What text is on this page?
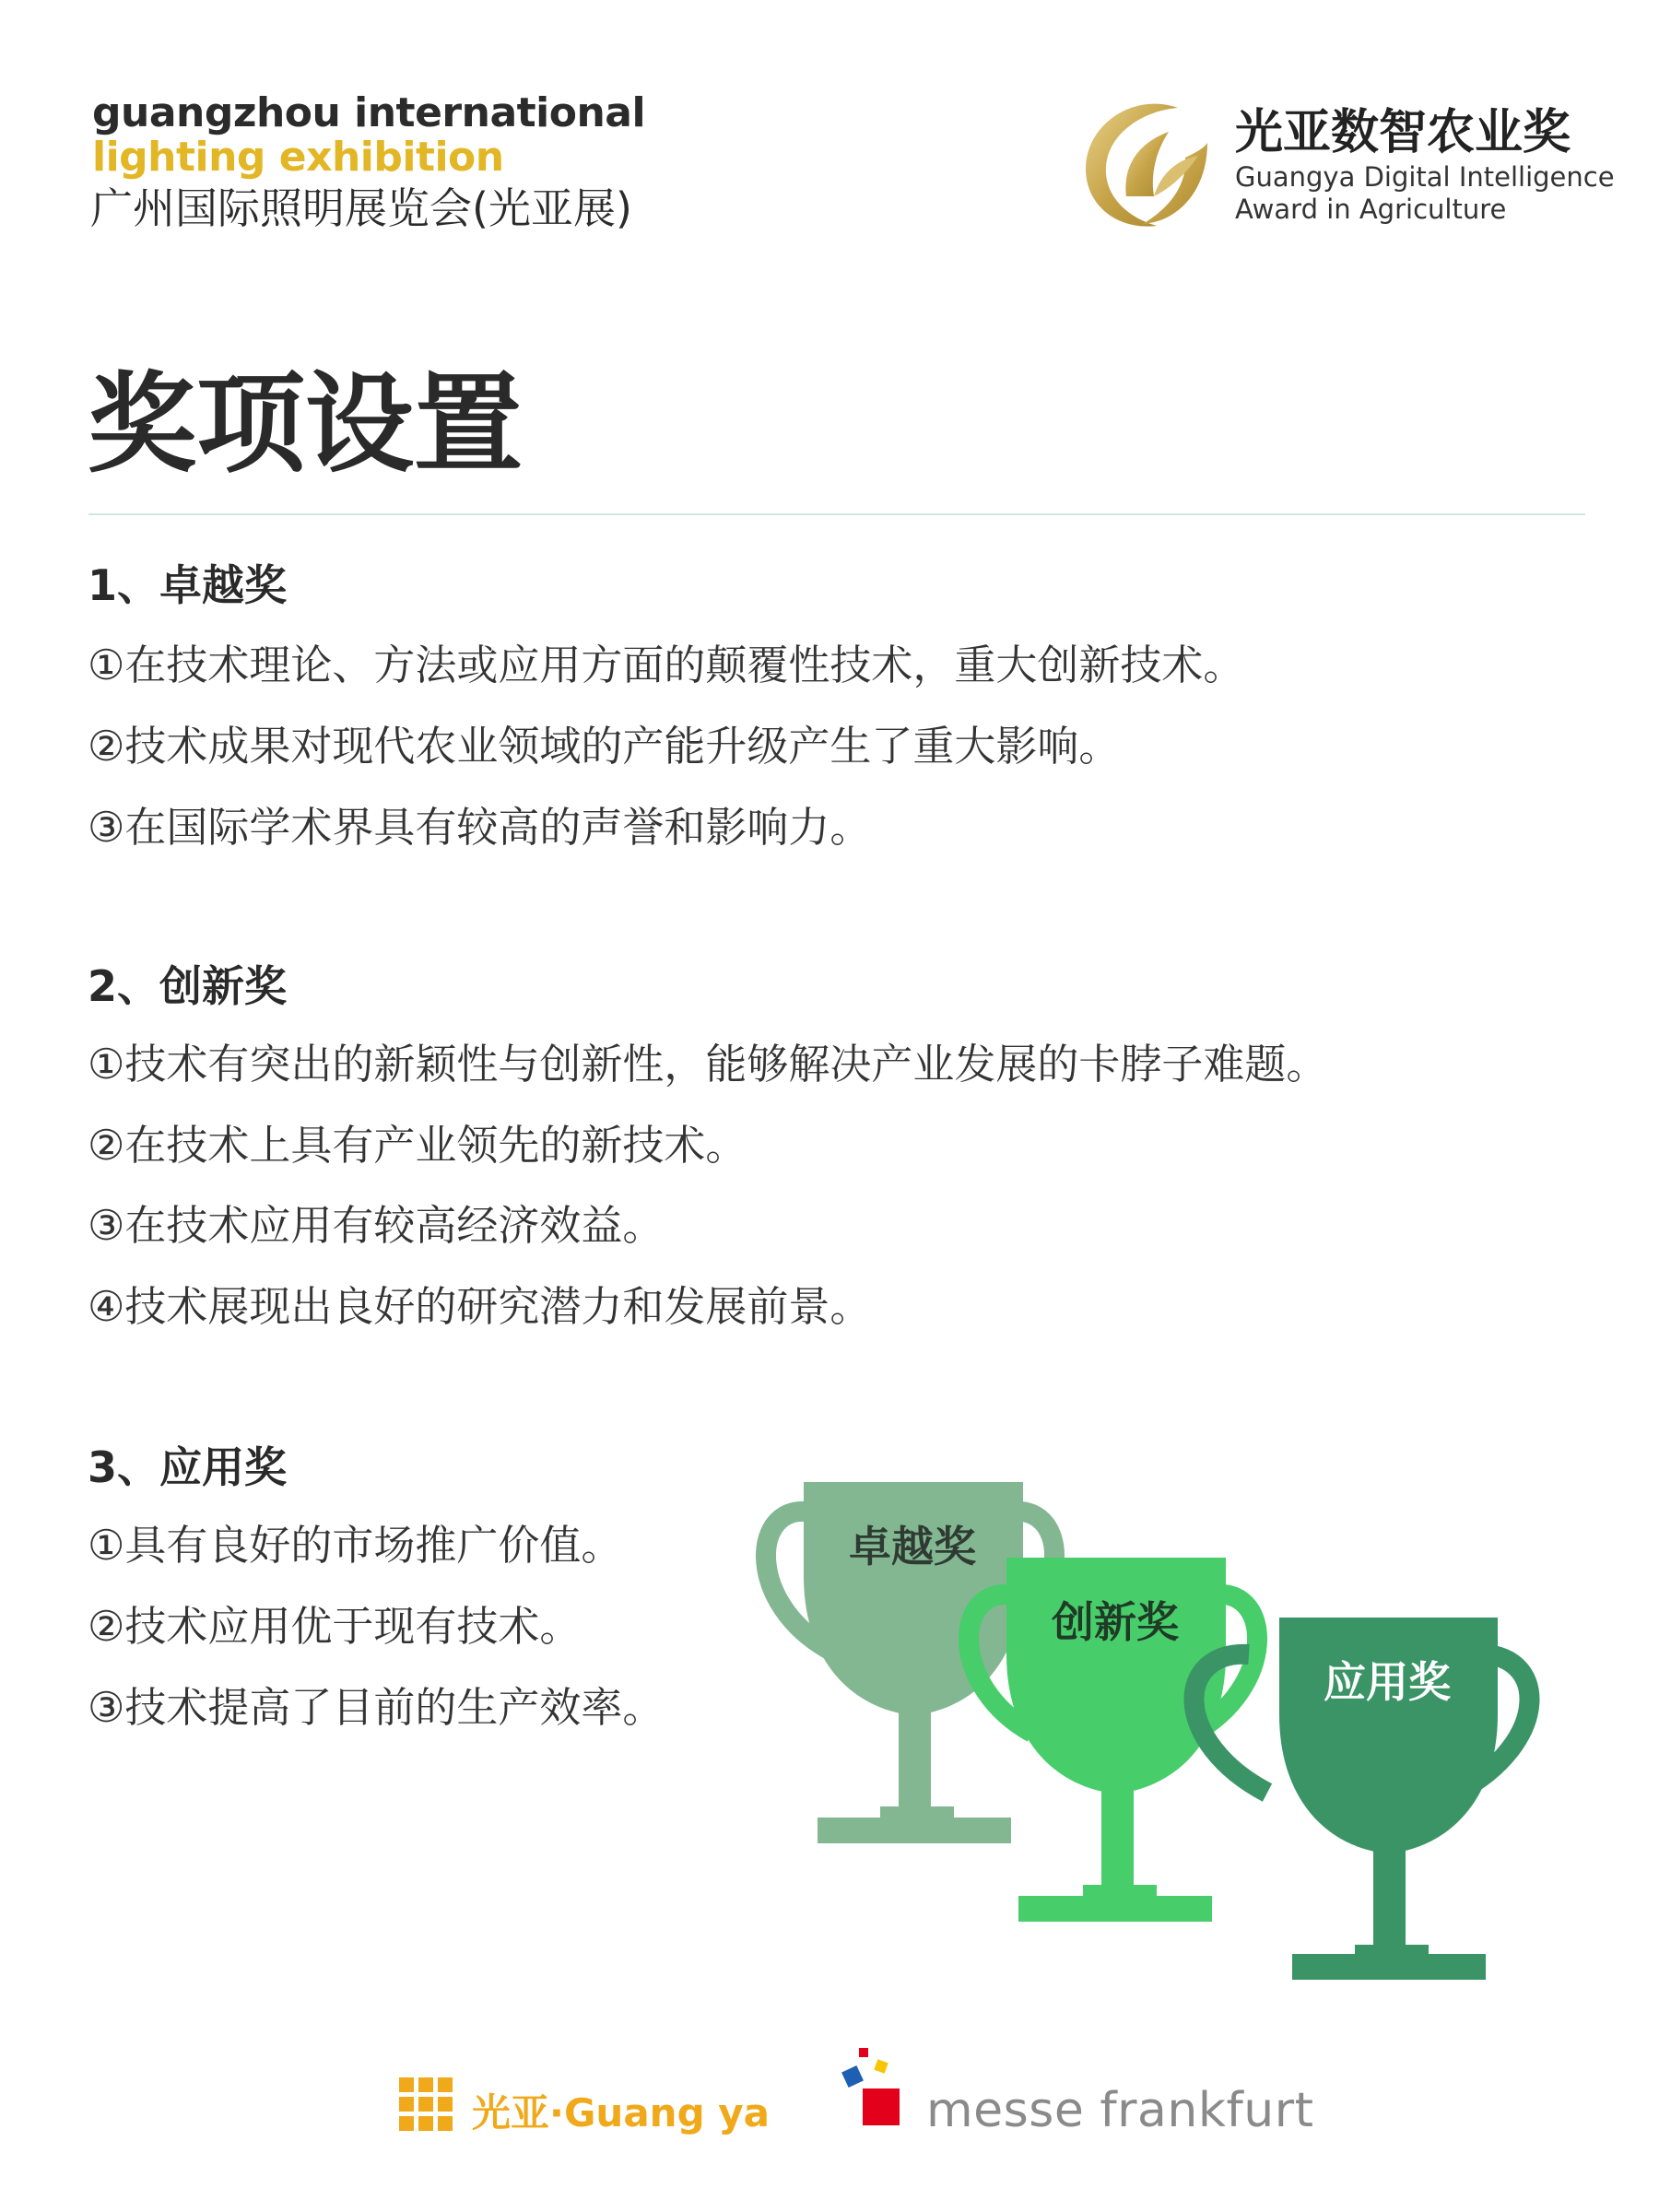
guangzhou international
lighting exhibition
广州国际照明展览会(光亚展)
光亚数智农业奖
Guangya Digital Intelligence
Award in Agriculture
奖项设置
1、卓越奖
①在技术理论、方法或应用方面的颠覆性技术，重大创新技术。
②技术成果对现代农业领域的产能升级产生了重大影响。
③在国际学术界具有较高的声誉和影响力。
2、创新奖
①技术有突出的新颖性与创新性，能够解决产业发展的卡脖子难题。
②在技术上具有产业领先的新技术。
③在技术应用有较高经济效益。
④技术展现出良好的研究潜力和发展前景。
3、应用奖
①具有良好的市场推广价值。
②技术应用优于现有技术。
③技术提高了目前的生产效率。
卓越奖
创新奖
应用奖
光亚·Guang ya	messe frankfurt
